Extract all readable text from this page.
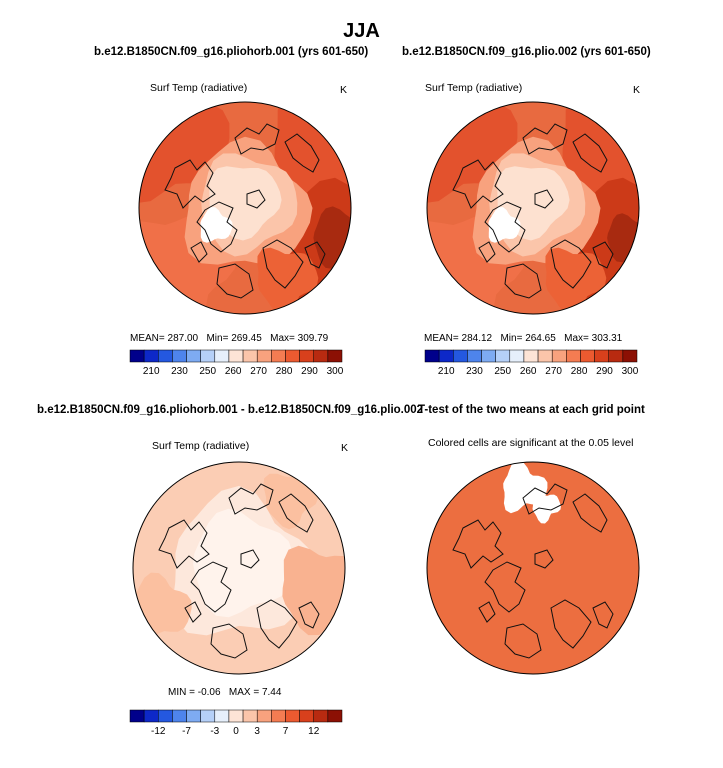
JJA
b.e12.B1850CN.f09_g16.pliohorb.001 (yrs 601-650)
Surf Temp (radiative)	K
MEAN= 287.00 Min= 269.45 Max= 309.79
210 230 250 260 270 280 290 300
b.e12.B1850CN.f09_g16.plio.002 (yrs 601-650)
Surf Temp (radiative)	K
MEAN= 284.12 Min= 264.65 Max= 303.31
210 230 250 260 270 280 290 300
b.e12.B1850CN.f09_g16.pliohorb.001 - b.e12.B1850CN.f09_g16.plio.002
Surf Temp (radiative)	K
MIN = -0.06 MAX = 7.44
-12 -7 -3 0 3 7 12
T-test of the two means at each grid point
Colored cells are significant at the 0.05 level
